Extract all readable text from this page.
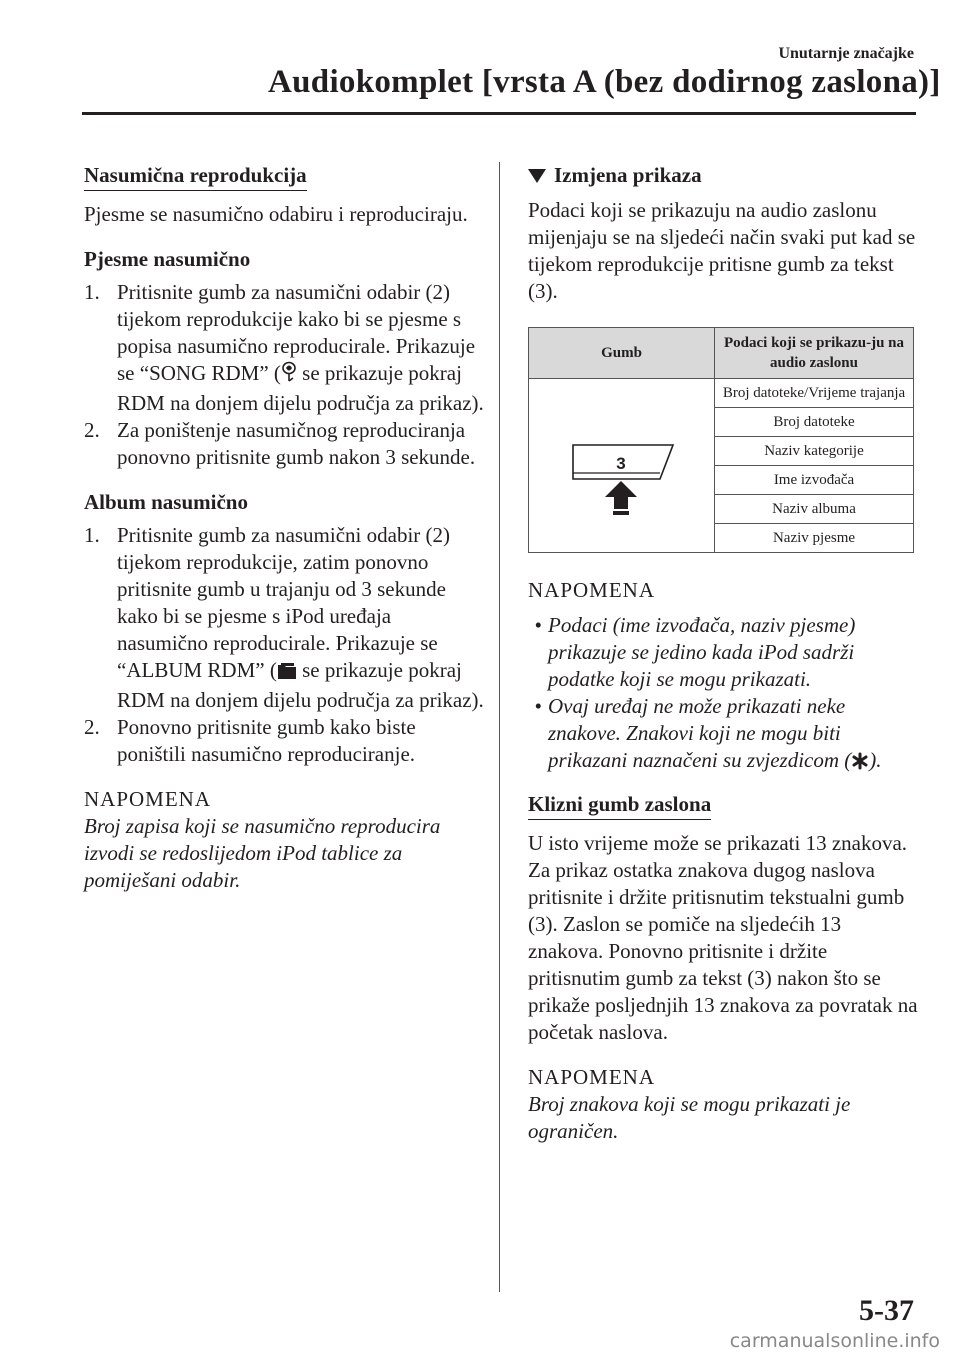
Unutarnje značajke
Audiokomplet [vrsta A (bez dodirnog zaslona)]
Nasumična reprodukcija

Pjesme se nasumično odabiru i reproduciraju.

Pjesme nasumično
1. Pritisnite gumb za nasumični odabir (2) tijekom reprodukcije kako bi se pjesme s popisa nasumično reproducirale. Prikazuje se “SONG RDM” ( se prikazuje pokraj RDM na donjem dijelu područja za prikaz).
2. Za poništenje nasumičnog reproduciranja ponovno pritisnite gumb nakon 3 sekunde.
Album nasumično
1. Pritisnite gumb za nasumični odabir (2) tijekom reprodukcije, zatim ponovno pritisnite gumb u trajanju od 3 sekunde kako bi se pjesme s iPod uređaja nasumično reproducirale. Prikazuje se “ALBUM RDM” ( se prikazuje pokraj RDM na donjem dijelu područja za prikaz).
2. Ponovno pritisnite gumb kako biste poništili nasumično reproduciranje.
NAPOMENA
Broj zapisa koji se nasumično reproducira izvodi se redoslijedom iPod tablice za pomiješani odabir.
Izmjena prikaza

Podaci koji se prikazuju na audio zaslonu mijenjaju se na sljedeći način svaki put kad se tijekom reprodukcije pritisne gumb za tekst (3).

Gumb	Podaci koji se prikazu-ju na audio zaslonu

3	Broj datoteke/Vrijeme trajanja
	Broj datoteke
	Naziv kategorije
	Ime izvođača
	Naziv albuma
	Naziv pjesme
NAPOMENA
• Podaci (ime izvođača, naziv pjesme) prikazuje se jedino kada iPod sadrži podatke koji se mogu prikazati.
• Ovaj uređaj ne može prikazati neke znakove. Znakovi koji ne mogu biti prikazani naznačeni su zvjezdicom ( ).
Klizni gumb zaslona

U isto vrijeme može se prikazati 13 znakova. Za prikaz ostatka znakova dugog naslova pritisnite i držite pritisnutim tekstualni gumb (3). Zaslon se pomiče na sljedećih 13 znakova. Ponovno pritisnite i držite pritisnutim gumb za tekst (3) nakon što se prikaže posljednjih 13 znakova za povratak na početak naslova.

NAPOMENA
Broj znakova koji se mogu prikazati je ograničen.
5-37
carmanualsonline.info
